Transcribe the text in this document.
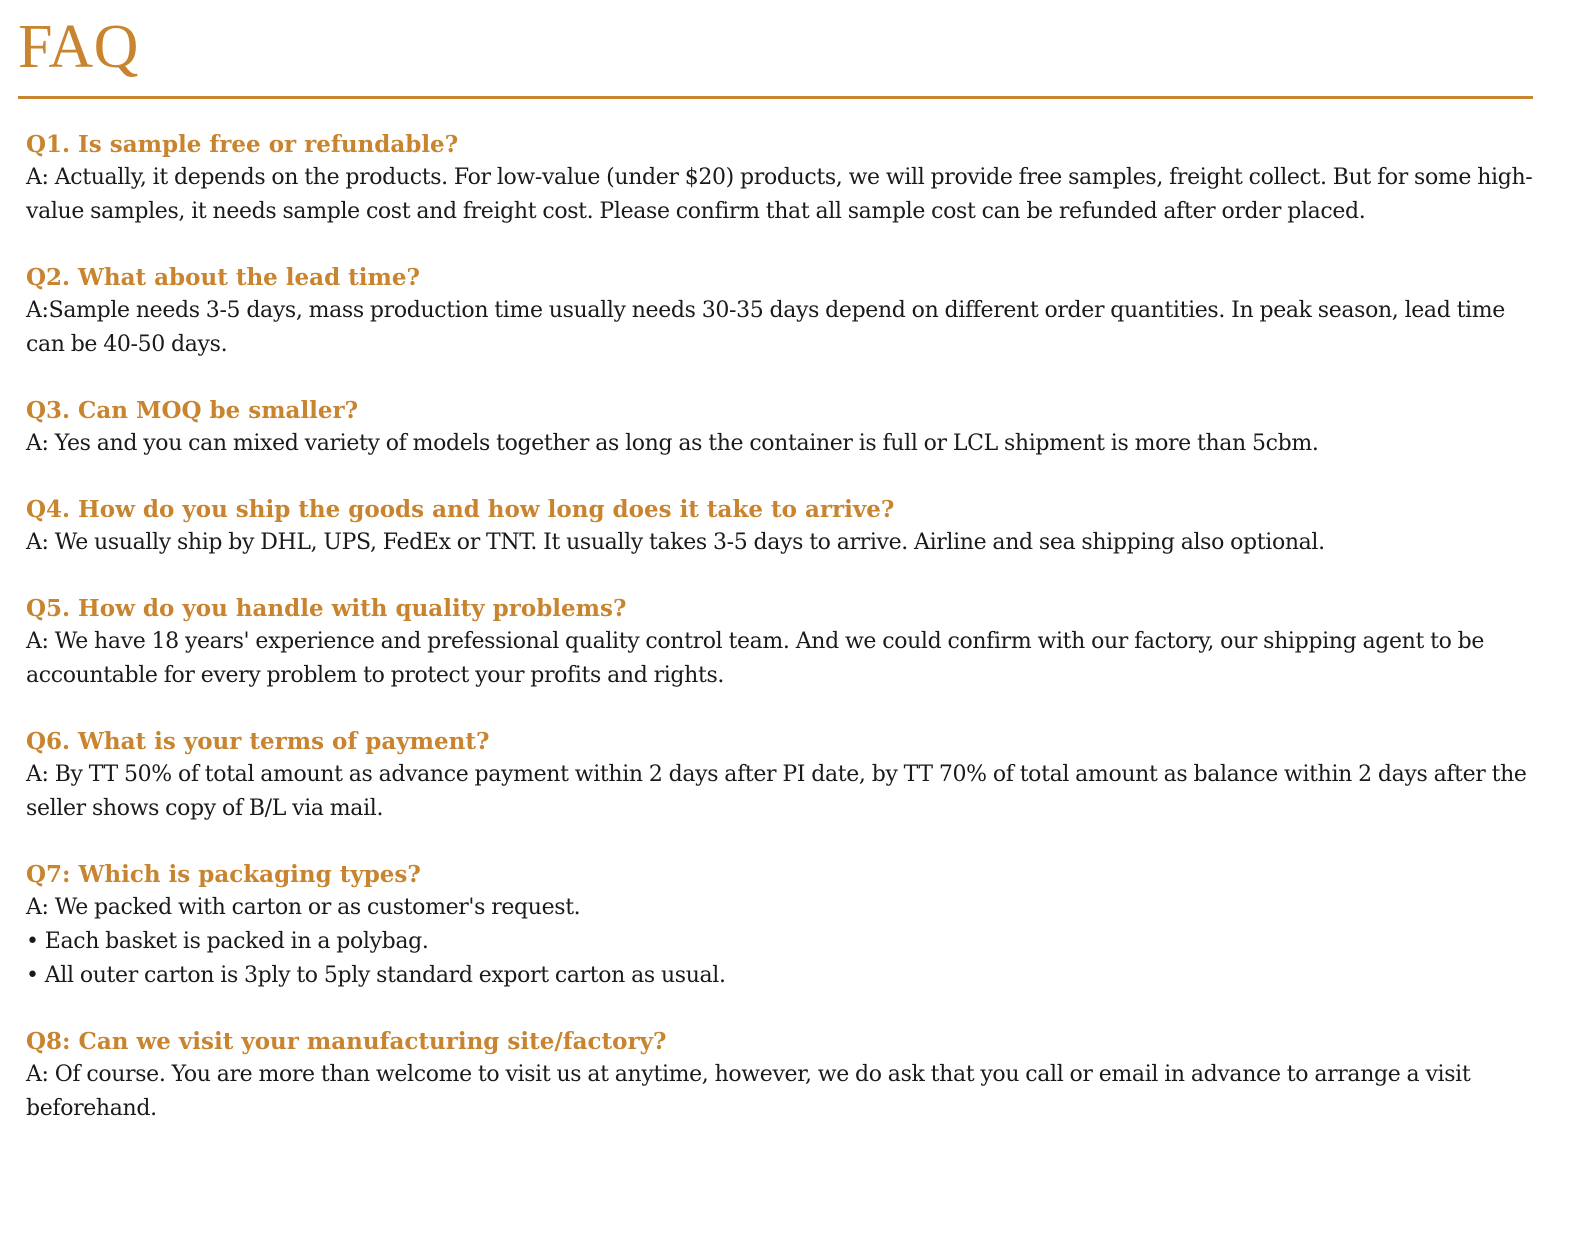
FAQ

Q1. Is sample free or refundable?

A: Actually, it depends on the products. For low-value (under $20) products, we will provide free samples, freight collect. But for some high-value samples, it needs sample cost and freight cost. Please confirm that all sample cost can be refunded after order placed.

Q2. What about the lead time?

A:Sample needs 3-5 days, mass production time usually needs 30-35 days depend on different order quantities. In peak season, lead time can be 40-50 days.

Q3. Can MOQ be smaller?

A: Yes and you can mixed variety of models together as long as the container is full or LCL shipment is more than 5cbm.

Q4. How do you ship the goods and how long does it take to arrive?

A: We usually ship by DHL, UPS, FedEx or TNT. It usually takes 3-5 days to arrive. Airline and sea shipping also optional.

Q5. How do you handle with quality problems?

A: We have 18 years' experience and prefessional quality control team. And we could confirm with our factory, our shipping agent to be accountable for every problem to protect your profits and rights.

Q6. What is your terms of payment?

A: By TT 50% of total amount as advance payment within 2 days after PI date, by TT 70% of total amount as balance within 2 days after the seller shows copy of B/L via mail.

Q7: Which is packaging types?

A: We packed with carton or as customer's request.
• Each basket is packed in a polybag.
• All outer carton is 3ply to 5ply standard export carton as usual.

Q8: Can we visit your manufacturing site/factory?

A: Of course. You are more than welcome to visit us at anytime, however, we do ask that you call or email in advance to arrange a visit beforehand.
